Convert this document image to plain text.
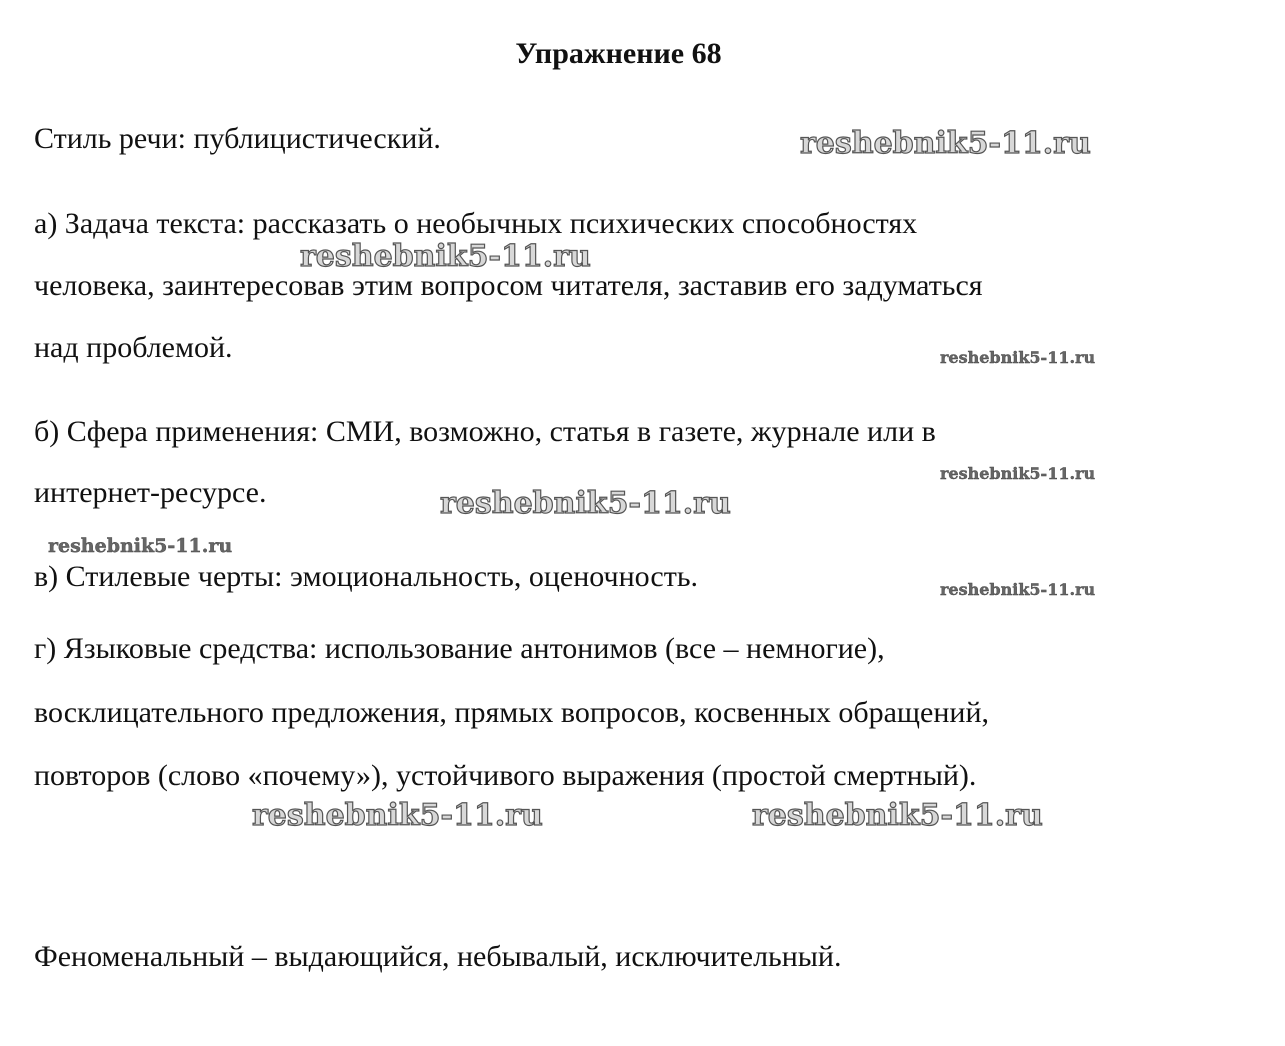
Упражнение 68

Стиль речи: публицистический.

а) Задача текста: рассказать о необычных психических способностях

человека, заинтересовав этим вопросом читателя, заставив его задуматься

над проблемой.

б) Сфера применения: СМИ, возможно, статья в газете, журнале или в

интернет-ресурсе.

в) Стилевые черты: эмоциональность, оценочность.

г) Языковые средства: использование антонимов (все – немногие),

восклицательного предложения, прямых вопросов, косвенных обращений,

повторов (слово «почему»), устойчивого выражения (простой смертный).

Феноменальный – выдающийся, небывалый, исключительный.

reshebnik5-11.ru
reshebnik5-11.ru
reshebnik5-11.ru
reshebnik5-11.ru
reshebnik5-11.ru
reshebnik5-11.ru
reshebnik5-11.ru
reshebnik5-11.ru	reshebnik5-11.ru
